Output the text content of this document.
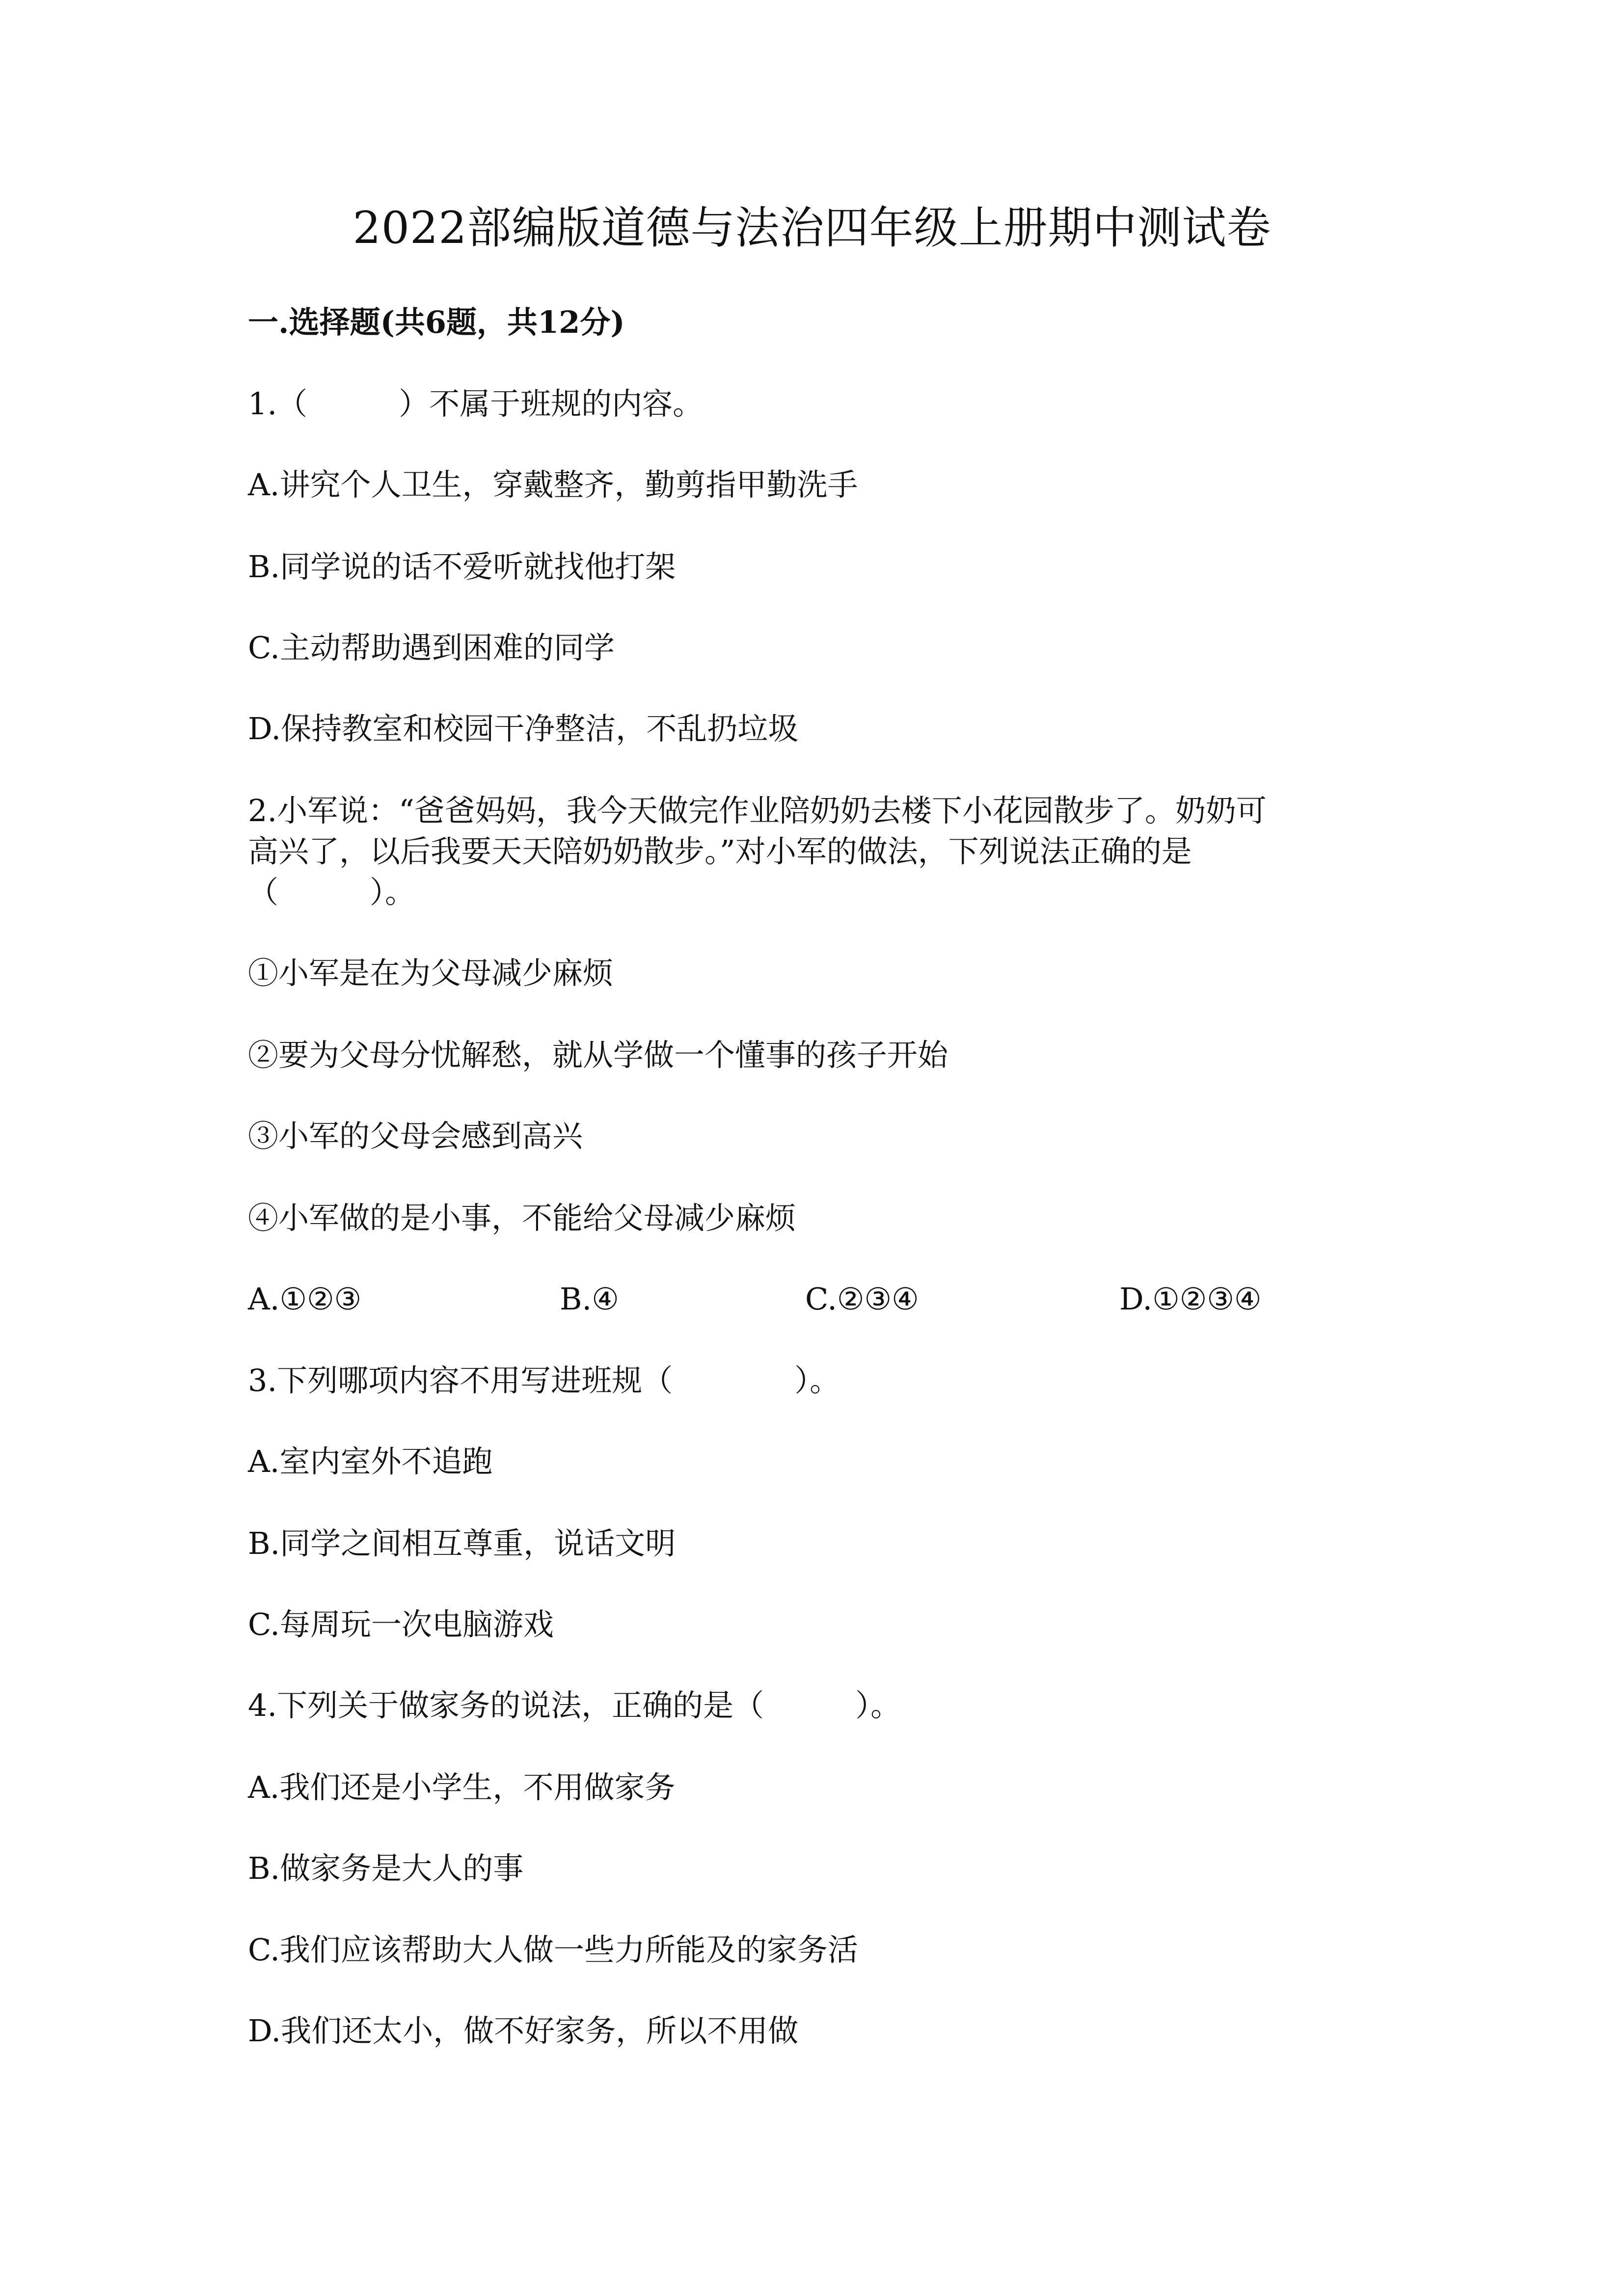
2022部编版道德与法治四年级上册期中测试卷
一.选择题(共6题，共12分)
1.（　　　）不属于班规的内容。
A.讲究个人卫生，穿戴整齐，勤剪指甲勤洗手
B.同学说的话不爱听就找他打架
C.主动帮助遇到困难的同学
D.保持教室和校园干净整洁，不乱扔垃圾
2.小军说：“爸爸妈妈，我今天做完作业陪奶奶去楼下小花园散步了。奶奶可
高兴了，以后我要天天陪奶奶散步。”对小军的做法，下列说法正确的是
（　　　）。
①小军是在为父母减少麻烦
②要为父母分忧解愁，就从学做一个懂事的孩子开始
③小军的父母会感到高兴
④小军做的是小事，不能给父母减少麻烦
A.①②③	B.④	C.②③④	D.①②③④
3.下列哪项内容不用写进班规（　　　　）。
A.室内室外不追跑
B.同学之间相互尊重，说话文明
C.每周玩一次电脑游戏
4.下列关于做家务的说法，正确的是（　　　）。
A.我们还是小学生，不用做家务
B.做家务是大人的事
C.我们应该帮助大人做一些力所能及的家务活
D.我们还太小，做不好家务，所以不用做
